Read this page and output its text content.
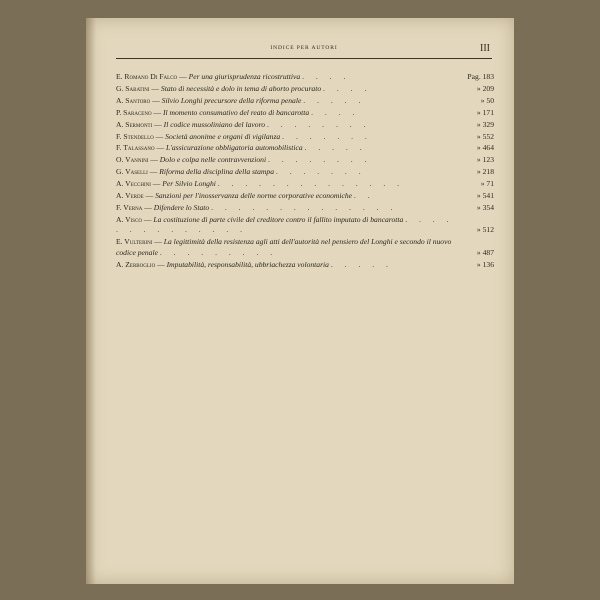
INDICE PER AUTORI	III
E. Romano Di Falco — Per una giurisprudenza ricostruttiva . . . .	Pag. 183
G. Sabatini — Stato di necessità e dolo in tema di aborto procurato . . . .	» 209
A. Santoro — Silvio Longhi precursore della riforma penale . . . . .	» 50
P. Saraceno — Il momento consumativo del reato di bancarotta . . . .	» 171
A. Sermonti — Il codice mussoliniano del lavoro . . . . . . . .	» 329
F. Stendello — Società anonime e organi di vigilanza . . . . . . .	» 552
F. Talassano — L'assicurazione obbligatoria automobilistica . . . . .	» 464
O. Vannini — Dolo e colpa nelle contravvenzioni . . . . . . . .	» 123
G. Vaselli — Riforma della disciplina della stampa . . . . . . .	» 218
A. Vecchini — Per Silvio Longhi . . . . . . . . . . . . . .	» 71
A. Verde — Sanzioni per l'inosservanza delle norme corporative economiche . .	» 541
F. Verna — Difendere lo Stato . . . . . . . . . . . . . .	» 354
A. Visco — La costituzione di parte civile del creditore contro il fallito imputato di bancarotta . . . . . . . . . . . . . .	» 512
E. Vulterini — La legittimità della resistenza agli atti dell'autorità nel pensiero del Longhi e secondo il nuovo codice penale . . . . . . . . .	» 487
A. Zerboglio — Imputabilità, responsabilità, ubbriachezza volontaria . . . . .	» 136
